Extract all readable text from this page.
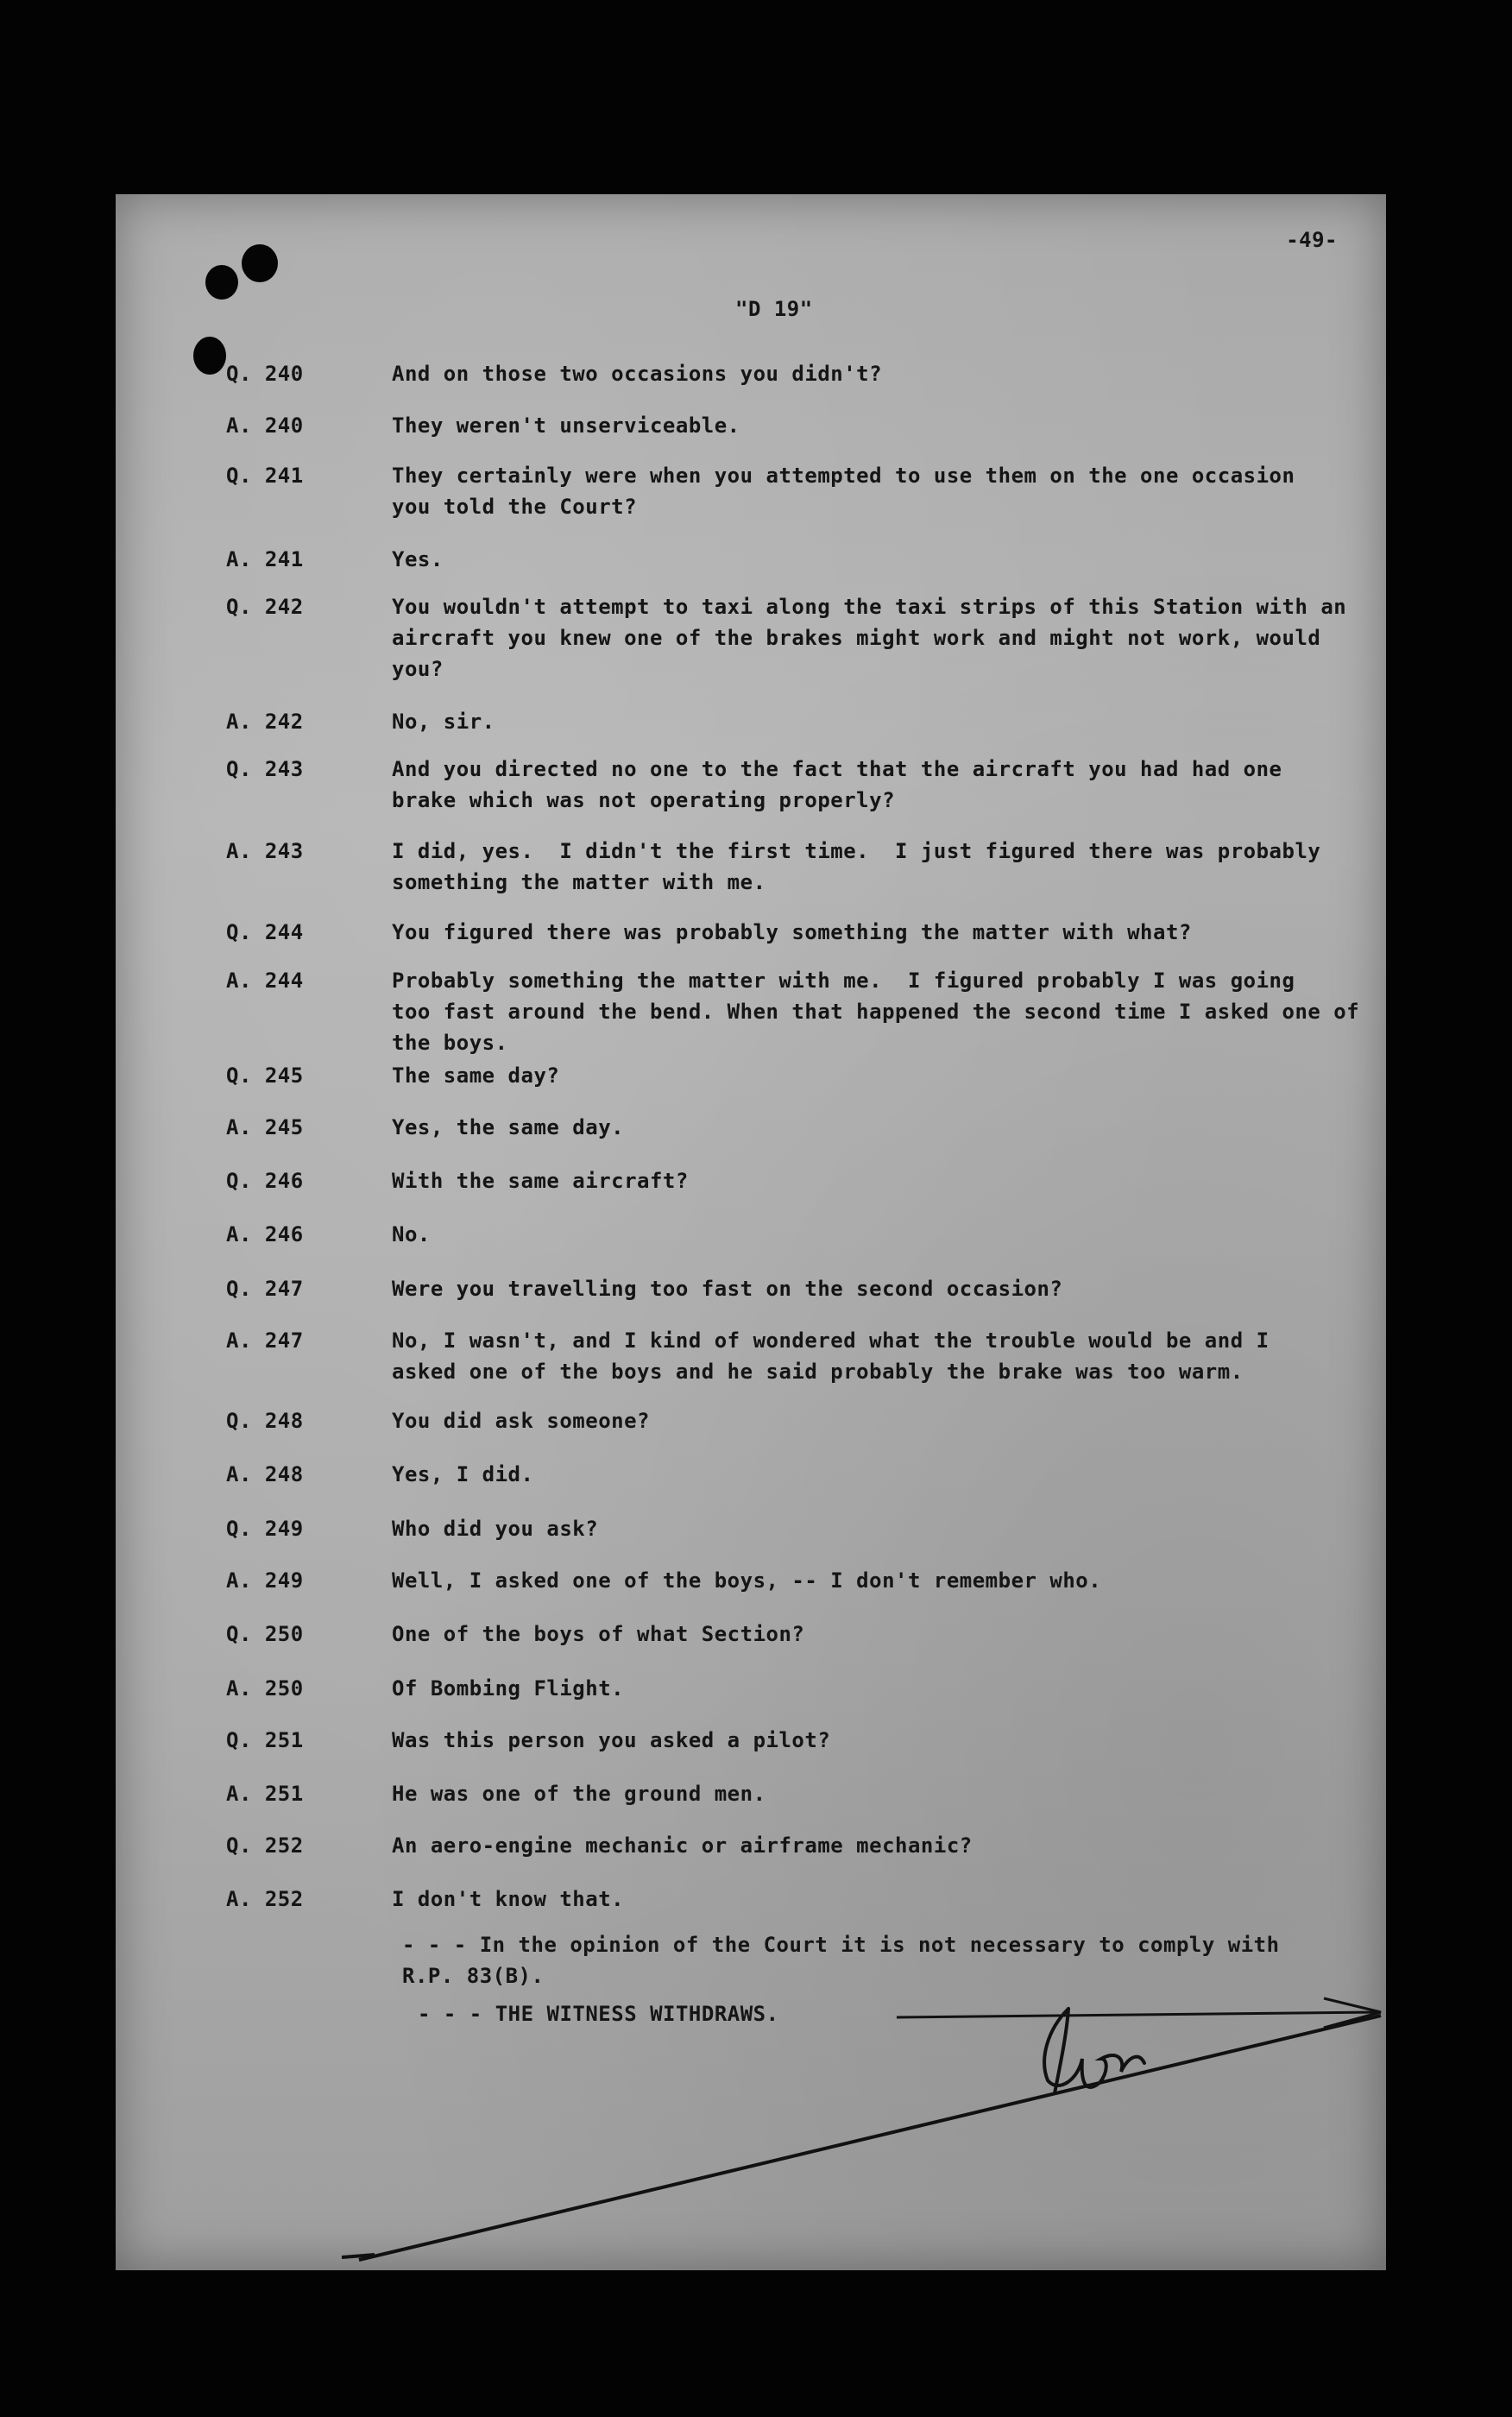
-49-
"D 19"
Q. 240	And on those two occasions you didn't?
A. 240	They weren't unserviceable.
Q. 241	They certainly were when you attempted to use them on the one occasion
you told the Court?
A. 241	Yes.
Q. 242	You wouldn't attempt to taxi along the taxi strips of this Station with an
aircraft you knew one of the brakes might work and might not work, would
you?
A. 242	No, sir.
Q. 243	And you directed no one to the fact that the aircraft you had had one
brake which was not operating properly?
A. 243	I did, yes.  I didn't the first time.  I just figured there was probably
something the matter with me.
Q. 244	You figured there was probably something the matter with what?
A. 244	Probably something the matter with me.  I figured probably I was going
too fast around the bend. When that happened the second time I asked one of
the boys.
Q. 245	The same day?
A. 245	Yes, the same day.
Q. 246	With the same aircraft?
A. 246	No.
Q. 247	Were you travelling too fast on the second occasion?
A. 247	No, I wasn't, and I kind of wondered what the trouble would be and I
asked one of the boys and he said probably the brake was too warm.
Q. 248	You did ask someone?
A. 248	Yes, I did.
Q. 249	Who did you ask?
A. 249	Well, I asked one of the boys, -- I don't remember who.
Q. 250	One of the boys of what Section?
A. 250	Of Bombing Flight.
Q. 251	Was this person you asked a pilot?
A. 251	He was one of the ground men.
Q. 252	An aero-engine mechanic or airframe mechanic?
A. 252	I don't know that.
- - - In the opinion of the Court it is not necessary to comply with
R.P. 83(B).
- - - THE WITNESS WITHDRAWS.
